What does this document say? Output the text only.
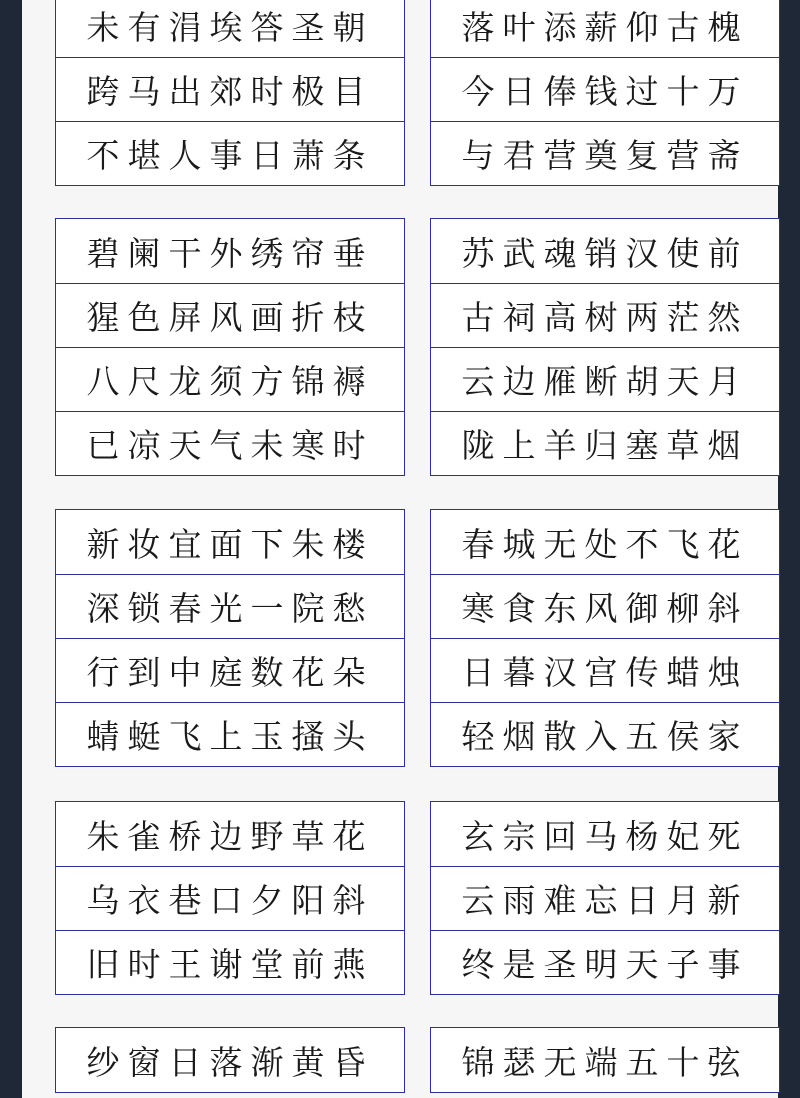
未有涓埃答圣朝
跨马出郊时极目
不堪人事日萧条
落叶添薪仰古槐
今日俸钱过十万
与君营奠复营斋
碧阑干外绣帘垂
猩色屏风画折枝
八尺龙须方锦褥
已凉天气未寒时
苏武魂销汉使前
古祠高树两茫然
云边雁断胡天月
陇上羊归塞草烟
新妆宜面下朱楼
深锁春光一院愁
行到中庭数花朵
蜻蜓飞上玉搔头
春城无处不飞花
寒食东风御柳斜
日暮汉宫传蜡烛
轻烟散入五侯家
朱雀桥边野草花
乌衣巷口夕阳斜
旧时王谢堂前燕
玄宗回马杨妃死
云雨难忘日月新
终是圣明天子事
纱窗日落渐黄昏	锦瑟无端五十弦
